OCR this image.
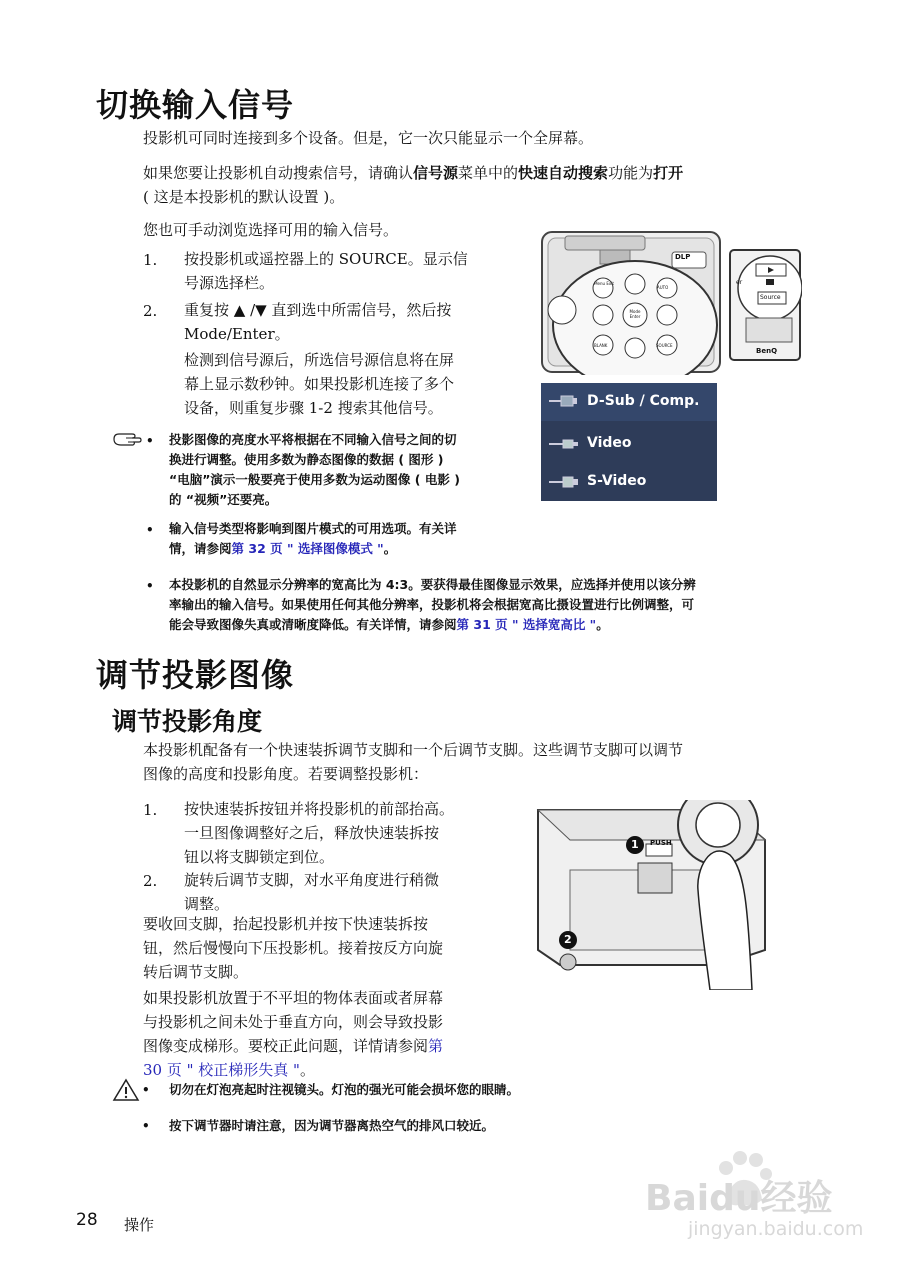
切换输入信号
投影机可同时连接到多个设备。但是，它一次只能显示一个全屏幕。
如果您要让投影机自动搜索信号，请确认信号源菜单中的快速自动搜索功能为打开
( 这是本投影机的默认设置 )。
您也可手动浏览选择可用的输入信号。
1. 按投影机或遥控器上的 SOURCE。显示信
号源选择栏。
2. 重复按 ▲ /▼ 直到选中所需信号，然后按
Mode/Enter。
检测到信号源后，所选信号源信息将在屏
幕上显示数秒钟。如果投影机连接了多个
设备，则重复步骤 1-2 搜索其他信号。
• 投影图像的亮度水平将根据在不同输入信号之间的切
换进行调整。使用多数为静态图像的数据 ( 图形 )
“电脑”演示一般要亮于使用多数为运动图像 ( 电影 )
的 “视频”还要亮。
• 输入信号类型将影响到图片模式的可用选项。有关详
情，请参阅第 32 页 " 选择图像模式 "。
• 本投影机的自然显示分辨率的宽高比为 4:3。要获得最佳图像显示效果，应选择并使用以该分辨
率输出的输入信号。如果使用任何其他分辨率，投影机将会根据宽高比摄设置进行比例调整，可
能会导致图像失真或清晰度降低。有关详情，请参阅第 31 页 " 选择宽高比 "。
DLP
Menu Exit
AUTO
Mode Enter
BLANK	SOURCE
Source
er
BenQ
D-Sub / Comp.
Video
S-Video
调节投影图像
调节投影角度
本投影机配备有一个快速装拆调节支脚和一个后调节支脚。这些调节支脚可以调节
图像的高度和投影角度。若要调整投影机：
1. 按快速装拆按钮并将投影机的前部抬高。
一旦图像调整好之后，释放快速装拆按
钮以将支脚锁定到位。
2. 旋转后调节支脚，对水平角度进行稍微
调整。
要收回支脚，抬起投影机并按下快速装拆按
钮，然后慢慢向下压投影机。接着按反方向旋
转后调节支脚。
如果投影机放置于不平坦的物体表面或者屏幕
与投影机之间未处于垂直方向，则会导致投影
图像变成梯形。要校正此问题，详情请参阅第
30 页 " 校正梯形失真 "。
PUSH
1
2
• 切勿在灯泡亮起时注视镜头。灯泡的强光可能会损坏您的眼睛。
• 按下调节器时请注意，因为调节器离热空气的排风口较近。
28 操作
Baidu经验
jingyan.baidu.com
